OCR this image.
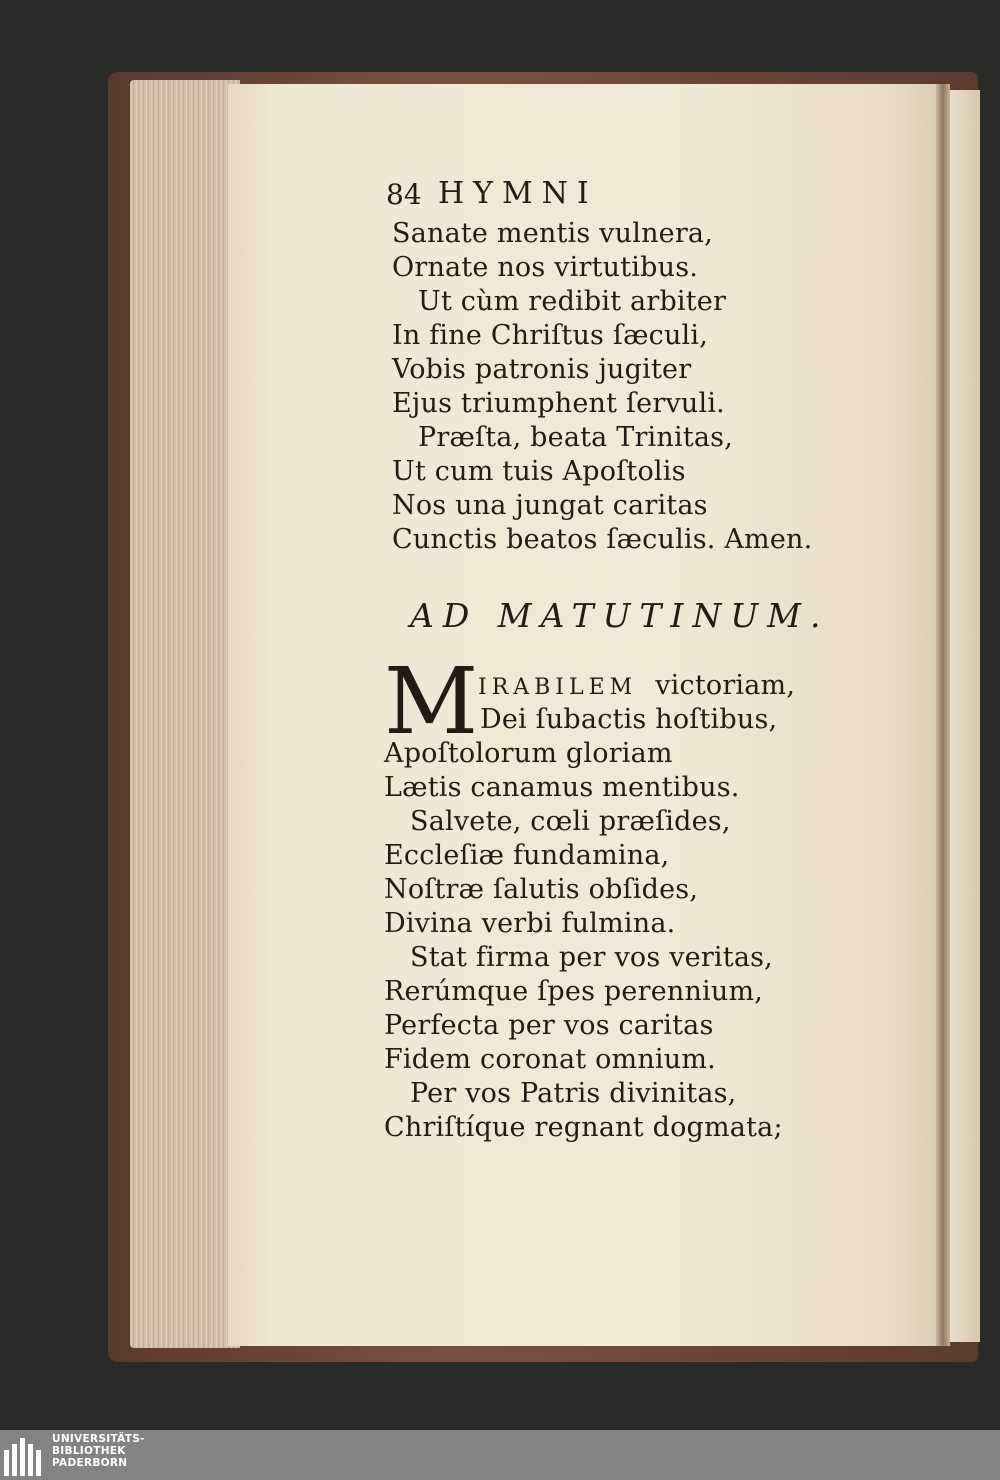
84 HYMNI
Sanate mentis vulnera,
Ornate nos virtutibus.
Ut cùm redibit arbiter
In fine Chriſtus ſæculi,
Vobis patronis jugiter
Ejus triumphent ſervuli.
Præſta, beata Trinitas,
Ut cum tuis Apoſtolis
Nos una jungat caritas
Cunctis beatos ſæculis. Amen.
AD MATUTINUM.
M IRABILEM victoriam,
Dei ſubactis hoſtibus,
Apoſtolorum gloriam
Lætis canamus mentibus.
Salvete, cœli præſides,
Eccleſiæ fundamina,
Noſtræ ſalutis obſides,
Divina verbi fulmina.
Stat firma per vos veritas,
Rerúmque ſpes perennium,
Perfecta per vos caritas
Fidem coronat omnium.
Per vos Patris divinitas,
Chriſtíque regnant dogmata;
UNIVERSITÄTS-
BIBLIOTHEK
PADERBORN
